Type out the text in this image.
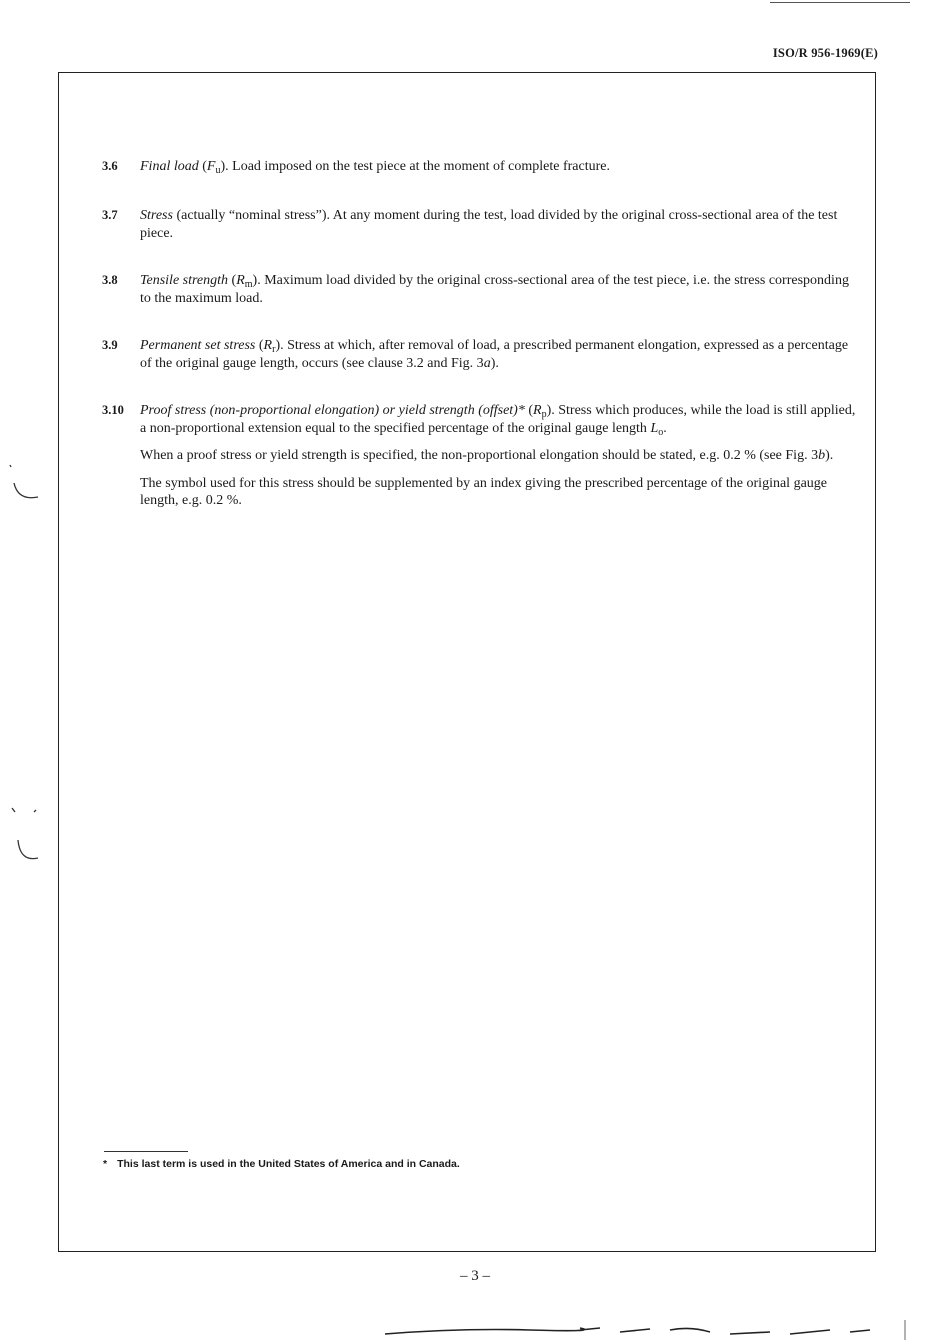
ISO/R 956-1969(E)
3.6 Final load $(F_u)$. Load imposed on the test piece at the moment of complete fracture.

3.7 Stress (actually “nominal stress”). At any moment during the test, load divided by the original cross-sectional area of the test piece.

3.8 Tensile strength $(R_m)$. Maximum load divided by the original cross-sectional area of the test piece, i.e. the stress corresponding to the maximum load.

3.9 Permanent set stress $(R_r)$. Stress at which, after removal of load, a prescribed permanent elongation, expressed as a percentage of the original gauge length, occurs (see clause 3.2 and Fig. 3a).

3.10 Proof stress (non-proportional elongation) or yield strength (offset)* $(R_p)$. Stress which produces, while the load is still applied, a non-proportional extension equal to the specified percentage of the original gauge length $L_o$.

When a proof stress or yield strength is specified, the non-proportional elongation should be stated, e.g. 0.2 % (see Fig. 3b).

The symbol used for this stress should be supplemented by an index giving the prescribed percentage of the original gauge length, e.g. 0.2 %.

* This last term is used in the United States of America and in Canada.
– 3 –
